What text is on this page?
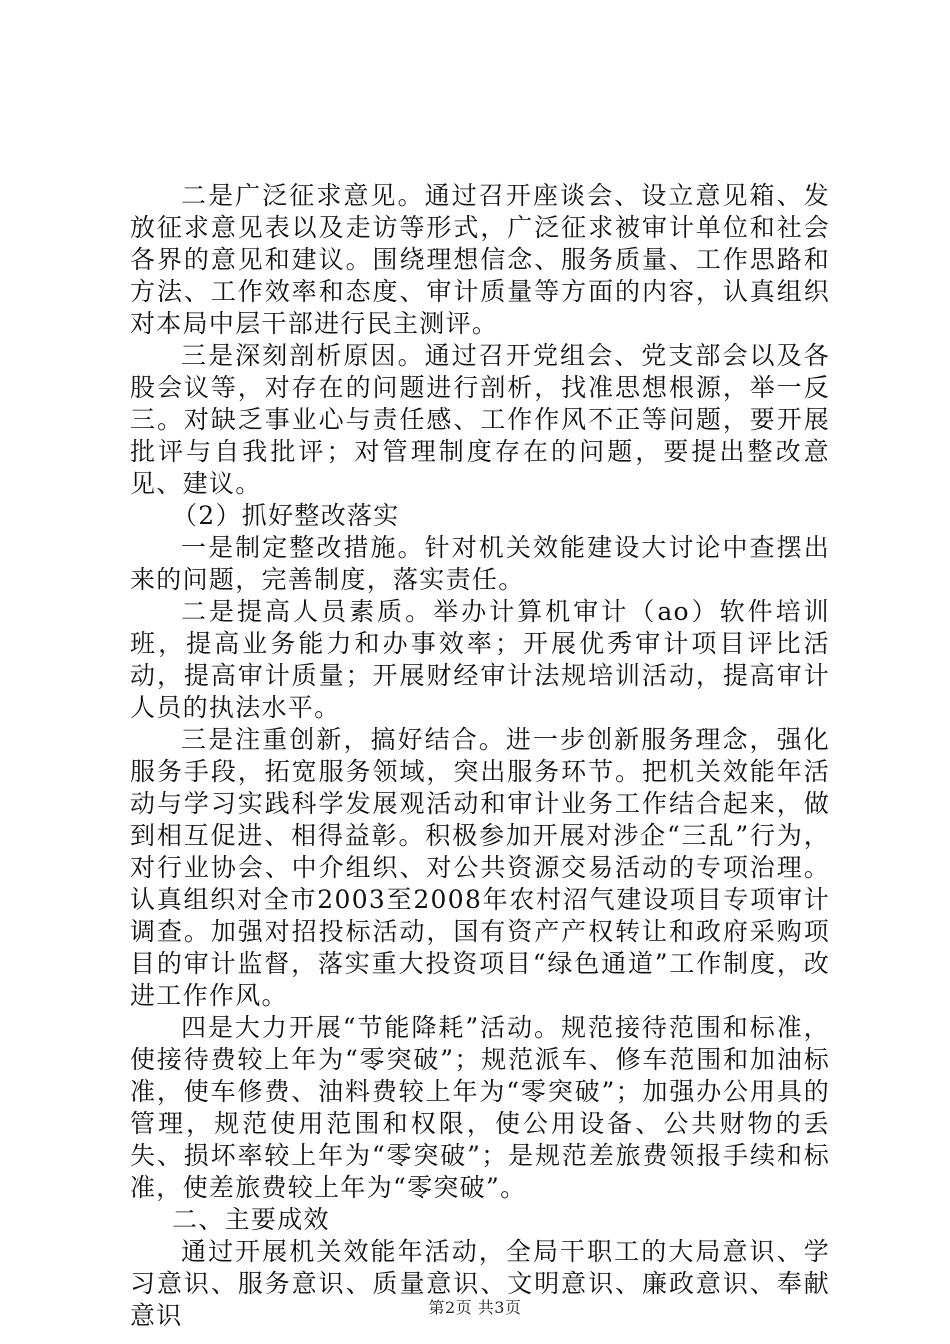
二是广泛征求意见。通过召开座谈会、设立意见箱、发放征求意见表以及走访等形式，广泛征求被审计单位和社会各界的意见和建议。围绕理想信念、服务质量、工作思路和方法、工作效率和态度、审计质量等方面的内容，认真组织对本局中层干部进行民主测评。

三是深刻剖析原因。通过召开党组会、党支部会以及各股会议等，对存在的问题进行剖析，找准思想根源，举一反三。对缺乏事业心与责任感、工作作风不正等问题，要开展批评与自我批评；对管理制度存在的问题，要提出整改意见、建议。

（2）抓好整改落实

一是制定整改措施。针对机关效能建设大讨论中查摆出来的问题，完善制度，落实责任。

二是提高人员素质。举办计算机审计（ao）软件培训班，提高业务能力和办事效率；开展优秀审计项目评比活动，提高审计质量；开展财经审计法规培训活动，提高审计人员的执法水平。

三是注重创新，搞好结合。进一步创新服务理念，强化服务手段，拓宽服务领域，突出服务环节。把机关效能年活动与学习实践科学发展观活动和审计业务工作结合起来，做到相互促进、相得益彰。积极参加开展对涉企“三乱”行为，对行业协会、中介组织、对公共资源交易活动的专项治理。认真组织对全市2003至2008年农村沼气建设项目专项审计调查。加强对招投标活动，国有资产产权转让和政府采购项目的审计监督，落实重大投资项目“绿色通道”工作制度，改进工作作风。

四是大力开展“节能降耗”活动。规范接待范围和标准，使接待费较上年为“零突破”；规范派车、修车范围和加油标准，使车修费、油料费较上年为“零突破”；加强办公用具的管理，规范使用范围和权限，使公用设备、公共财物的丢失、损坏率较上年为“零突破”；是规范差旅费领报手续和标准，使差旅费较上年为“零突破”。

二、主要成效

通过开展机关效能年活动，全局干职工的大局意识、学习意识、服务意识、质量意识、文明意识、廉政意识、奉献意识	第2页 共3页
